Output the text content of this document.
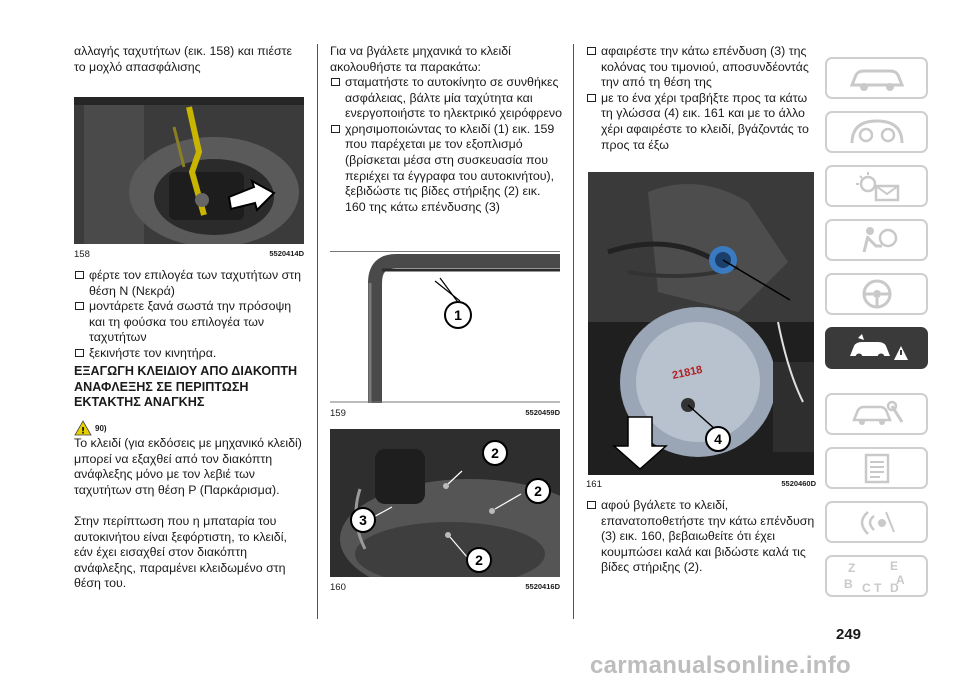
αλλαγής ταχυτήτων (εικ. 158) και πιέστε το μοχλό απασφάλισης

158	5520414D
φέρτε τον επιλογέα των ταχυτήτων στη θέση N (Νεκρά)
μοντάρετε ξανά σωστά την πρόσοψη και τη φούσκα του επιλογέα των ταχυτήτων
ξεκινήστε τον κινητήρα.
ΕΞΑΓΩΓΗ ΚΛΕΙΔΙΟΥ ΑΠΟ ΔΙΑΚΟΠΤΗ ΑΝΑΦΛΕΞΗΣ ΣΕ ΠΕΡΙΠΤΩΣΗ ΕΚΤΑΚΤΗΣ ΑΝΑΓΚΗΣ
! 90)

Το κλειδί (για εκδόσεις με μηχανικό κλειδί) μπορεί να εξαχθεί από τον διακόπτη ανάφλεξης μόνο με τον λεβιέ των ταχυτήτων στη θέση P (Παρκάρισμα).

Στην περίπτωση που η μπαταρία του αυτοκινήτου είναι ξεφόρτιστη, το κλειδί, εάν έχει εισαχθεί στον διακόπτη ανάφλεξης, παραμένει κλειδωμένο στη θέση του.

Για να βγάλετε μηχανικά το κλειδί ακολουθήστε τα παρακάτω:

σταματήστε το αυτοκίνητο σε συνθήκες ασφάλειας, βάλτε μία ταχύτητα και ενεργοποιήστε το ηλεκτρικό χειρόφρενο
χρησιμοποιώντας το κλειδί (1) εικ. 159 που παρέχεται με τον εξοπλισμό (βρίσκεται μέσα στη συσκευασία που περιέχει τα έγγραφα του αυτοκινήτου), ξεβιδώστε τις βίδες στήριξης (2) εικ. 160 της κάτω επένδυσης (3)
1
159	5520459D
2
2
3
2
160	5520416D
αφαιρέστε την κάτω επένδυση (3) της κολόνας του τιμονιού, αποσυνδέοντάς την από τη θέση της
με το ένα χέρι τραβήξτε προς τα κάτω τη γλώσσα (4) εικ. 161 και με το άλλο χέρι αφαιρέστε το κλειδί, βγάζοντάς το προς τα έξω
21818
4
161	5520460D
αφού βγάλετε το κλειδί, επανατοποθετήστε την κάτω επένδυση (3) εικ. 160, βεβαιωθείτε ότι έχει κουμπώσει καλά και βιδώστε καλά τις βίδες στήριξης (2).	Z	E
B	A
C T D
249
carmanualsonline.info
